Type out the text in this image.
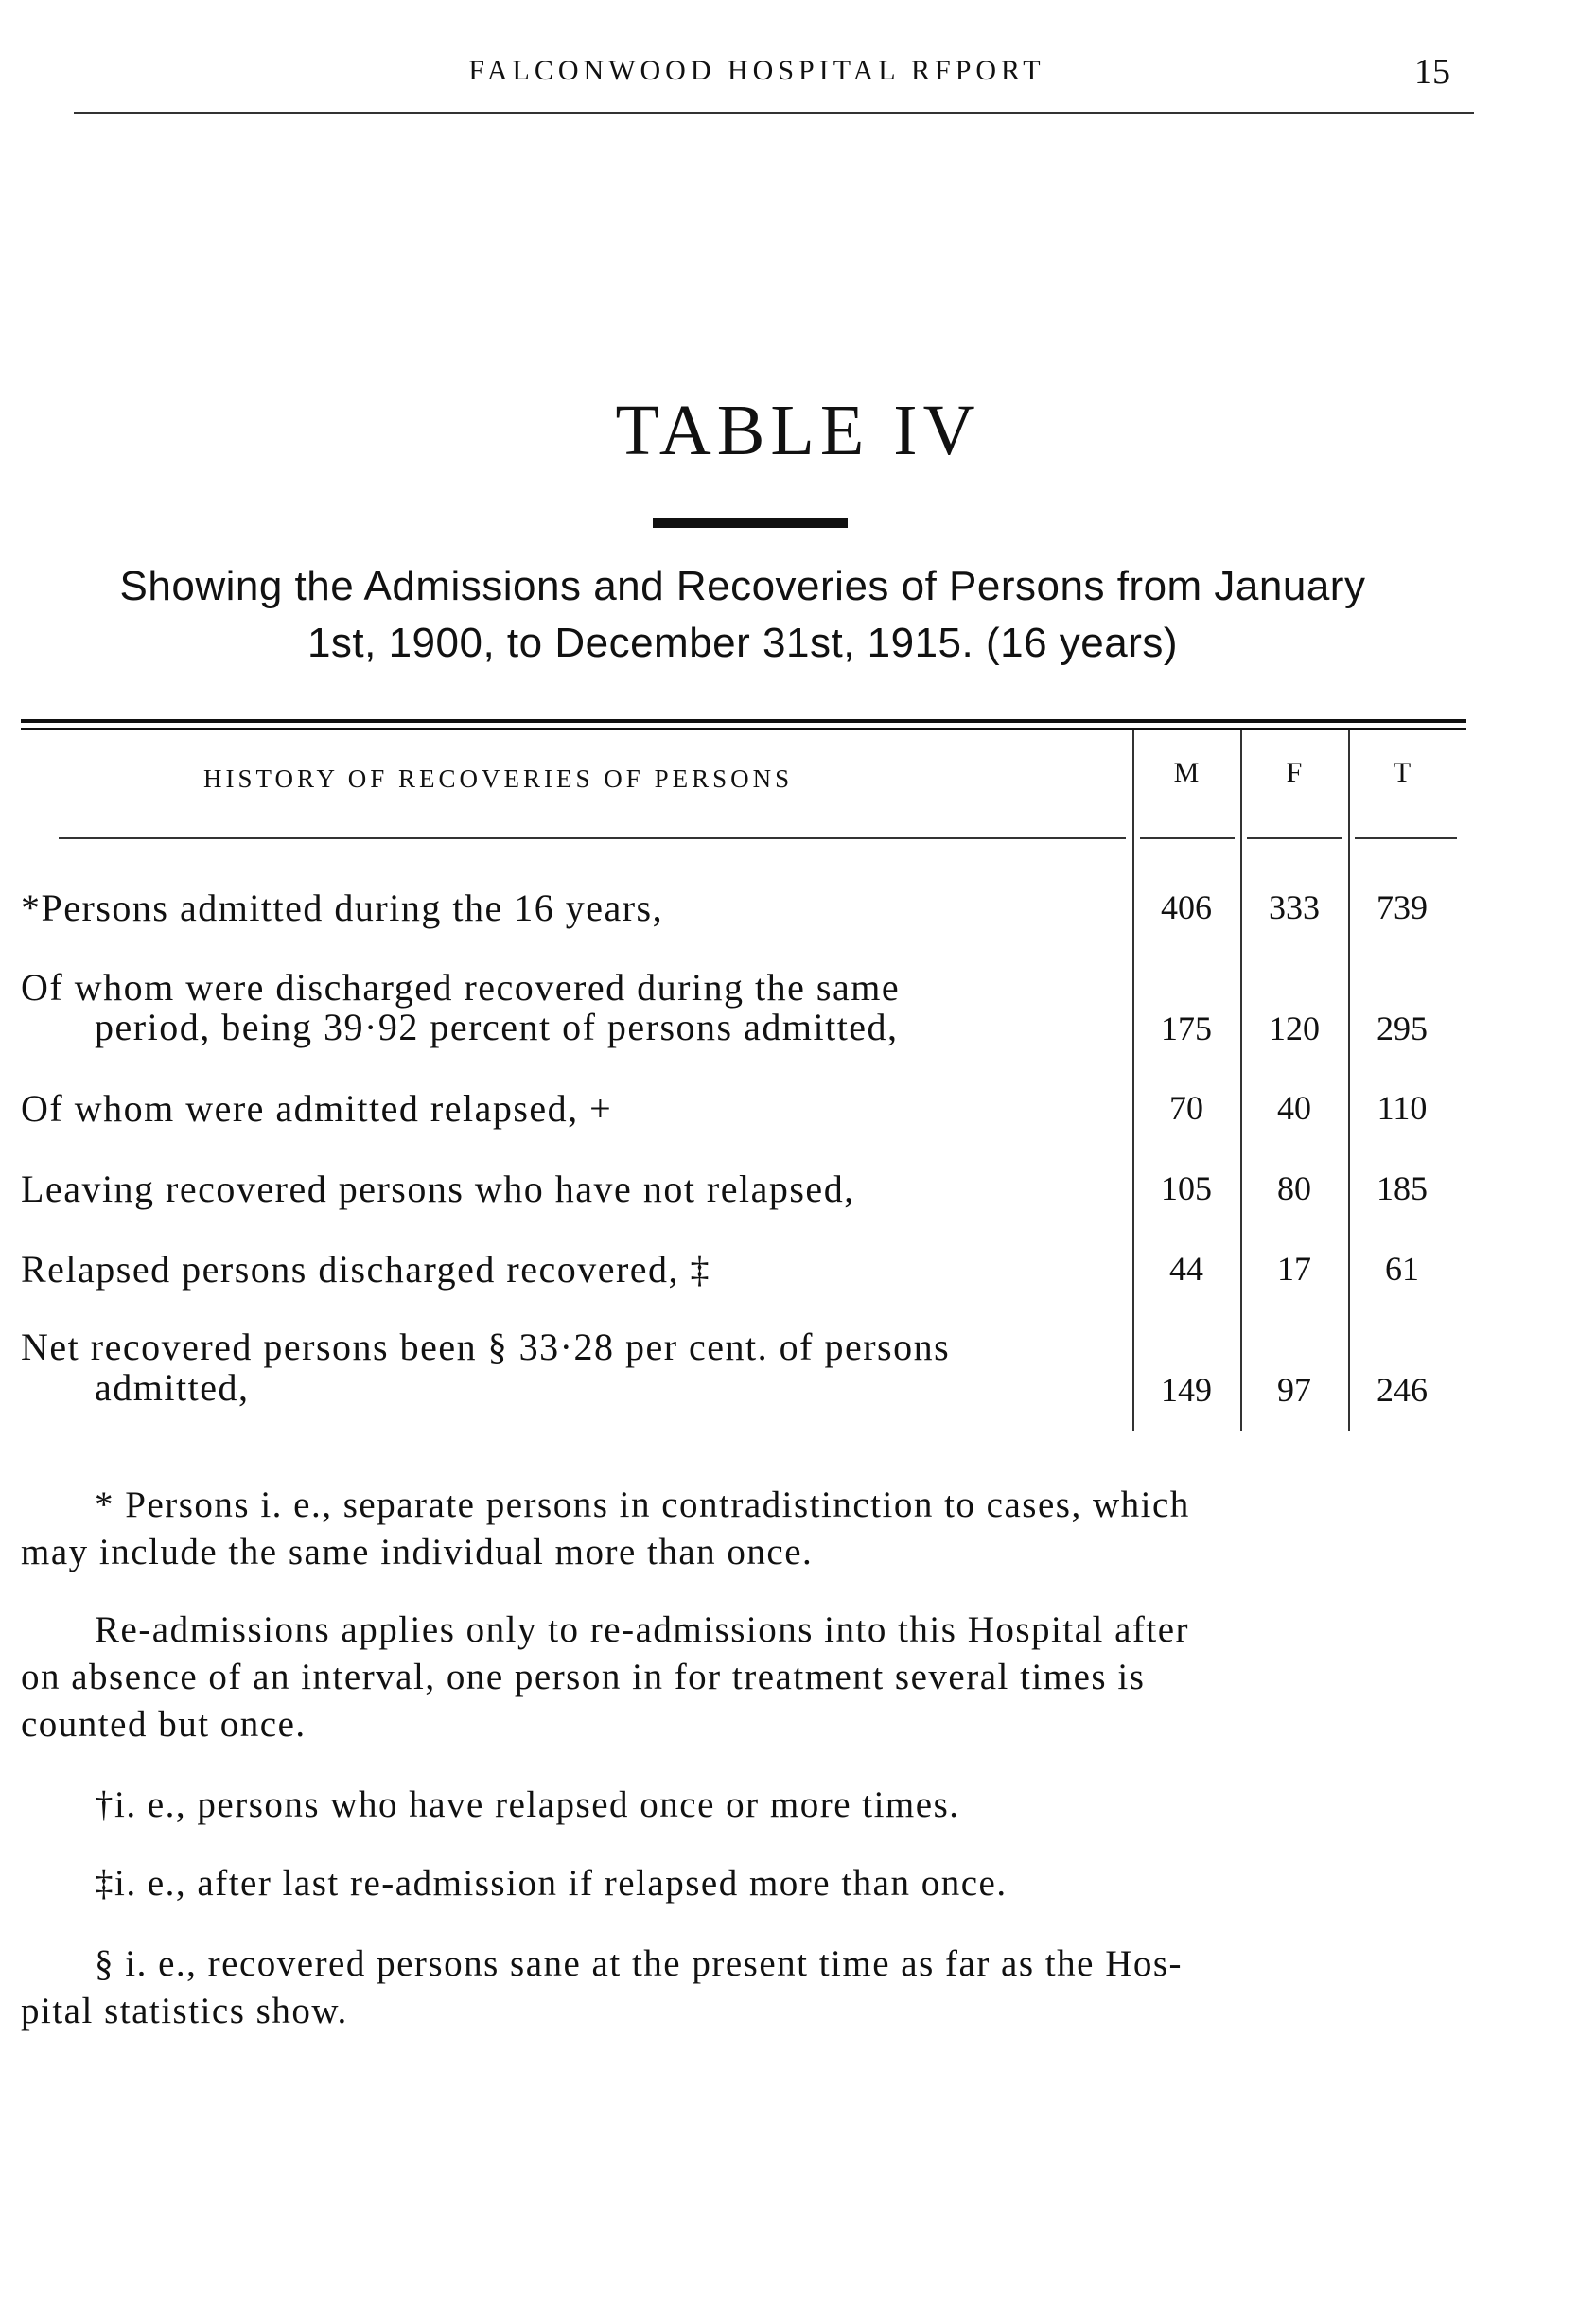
FALCONWOOD HOSPITAL RFPORT	15
TABLE IV
Showing the Admissions and Recoveries of Persons from January
1st, 1900, to December 31st, 1915. (16 years)
HISTORY OF RECOVERIES OF PERSONS	M	F	T
*Persons admitted during the 16 years,	406	333	739
Of whom were discharged recovered during the same
period, being 39·92 percent of persons admitted,	175	120	295
Of whom were admitted relapsed, +	70	40	110
Leaving recovered persons who have not relapsed,	105	80	185
Relapsed persons discharged recovered, ‡	44	17	61
Net recovered persons been § 33·28 per cent. of persons
admitted,	149	97	246
* Persons i. e., separate persons in contradistinction to cases, which
may include the same individual more than once.
Re-admissions applies only to re-admissions into this Hospital after
on absence of an interval, one person in for treatment several times is
counted but once.
†i. e., persons who have relapsed once or more times.
‡i. e., after last re-admission if relapsed more than once.
§ i. e., recovered persons sane at the present time as far as the Hos-
pital statistics show.
